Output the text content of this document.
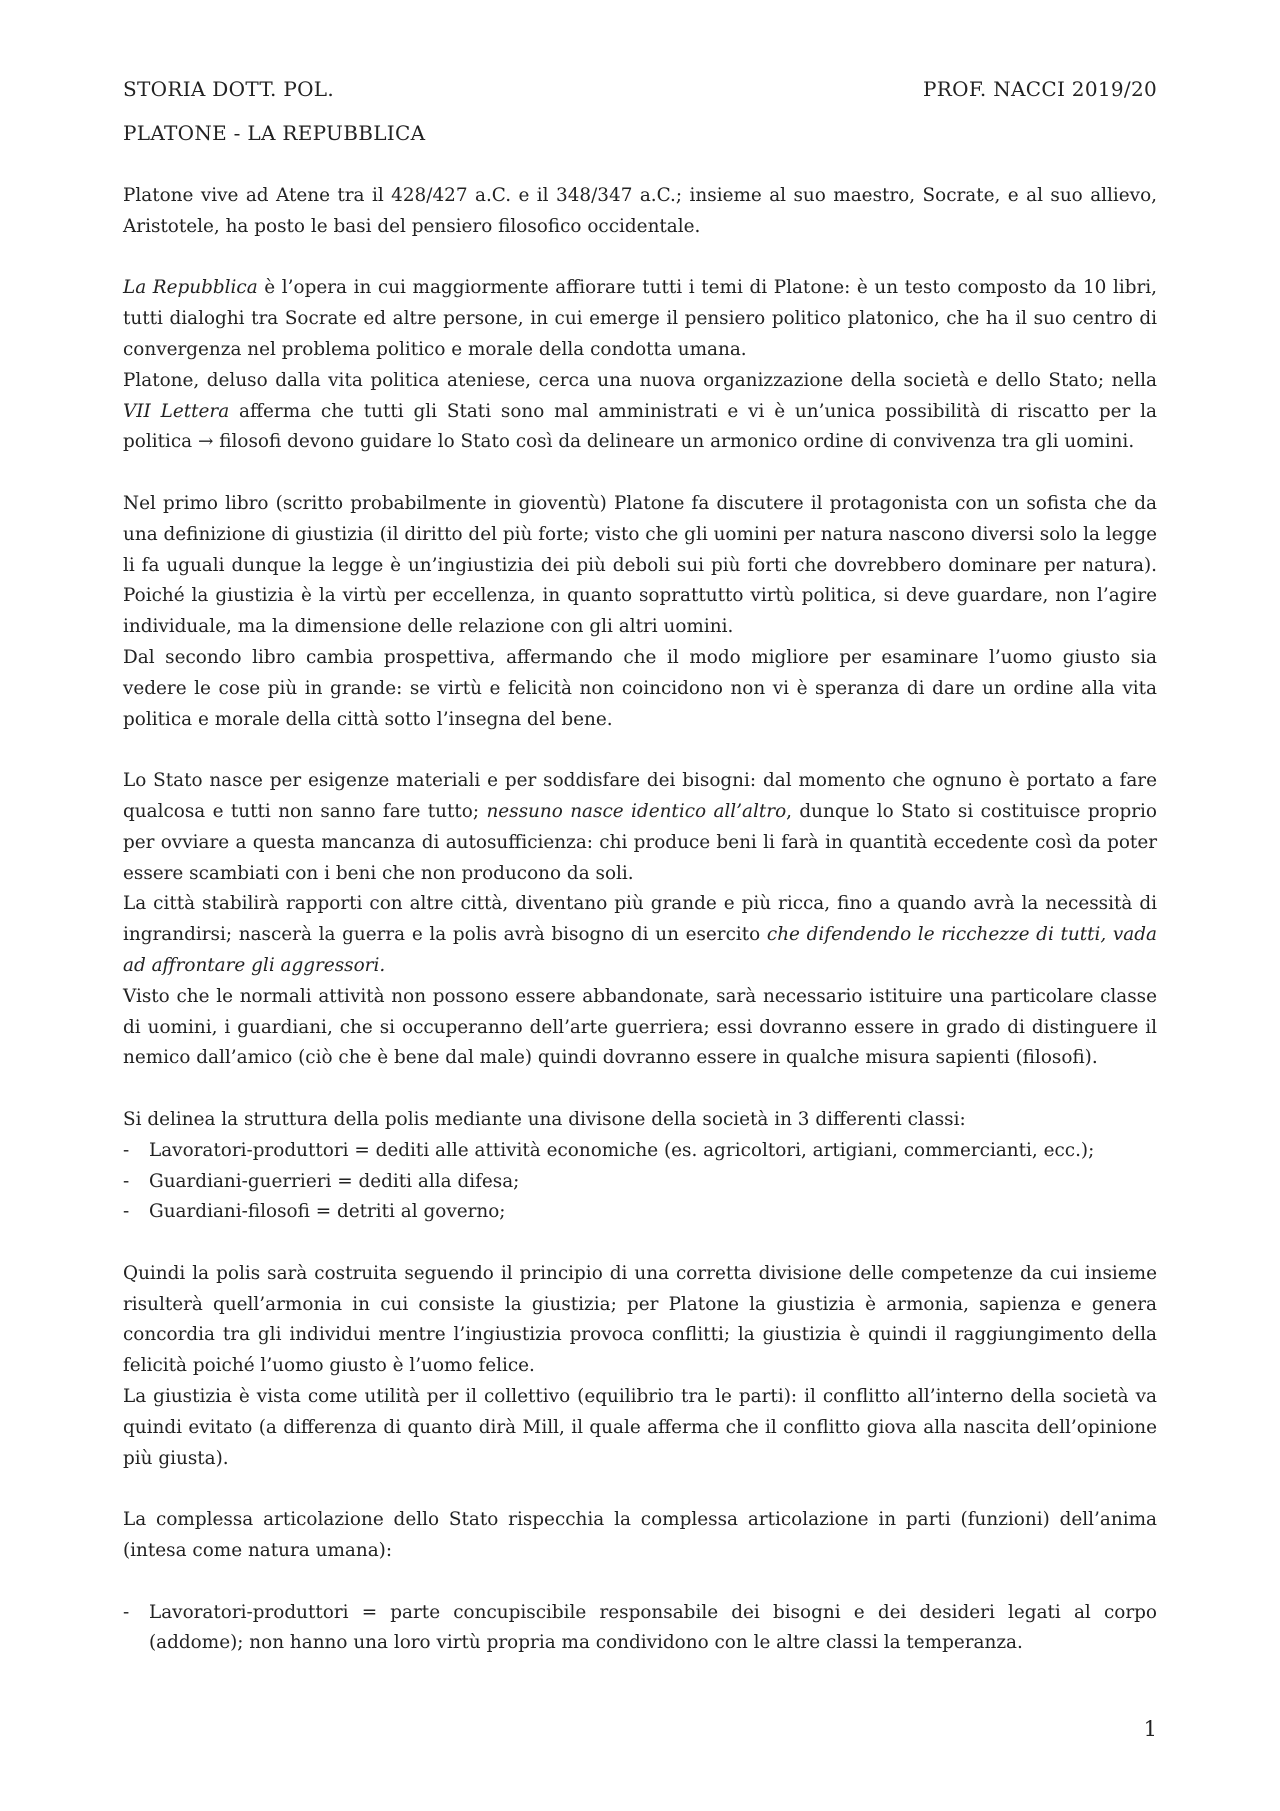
STORIA DOTT. POL.	PROF. NACCI 2019/20
PLATONE - LA REPUBBLICA

Platone vive ad Atene tra il 428/427 a.C. e il 348/347 a.C.; insieme al suo maestro, Socrate, e al suo allievo, Aristotele, ha posto le basi del pensiero filosofico occidentale.

La Repubblica è l’opera in cui maggiormente affiorare tutti i temi di Platone: è un testo composto da 10 libri, tutti dialoghi tra Socrate ed altre persone, in cui emerge il pensiero politico platonico, che ha il suo centro di convergenza nel problema politico e morale della condotta umana.

Platone, deluso dalla vita politica ateniese, cerca una nuova organizzazione della società e dello Stato; nella VII Lettera afferma che tutti gli Stati sono mal amministrati e vi è un’unica possibilità di riscatto per la politica → filosofi devono guidare lo Stato così da delineare un armonico ordine di convivenza tra gli uomini.

Nel primo libro (scritto probabilmente in gioventù) Platone fa discutere il protagonista con un sofista che da una definizione di giustizia (il diritto del più forte; visto che gli uomini per natura nascono diversi solo la legge li fa uguali dunque la legge è un’ingiustizia dei più deboli sui più forti che dovrebbero dominare per natura). Poiché la giustizia è la virtù per eccellenza, in quanto soprattutto virtù politica, si deve guardare, non l’agire individuale, ma la dimensione delle relazione con gli altri uomini.

Dal secondo libro cambia prospettiva, affermando che il modo migliore per esaminare l’uomo giusto sia vedere le cose più in grande: se virtù e felicità non coincidono non vi è speranza di dare un ordine alla vita politica e morale della città sotto l’insegna del bene.

Lo Stato nasce per esigenze materiali e per soddisfare dei bisogni: dal momento che ognuno è portato a fare qualcosa e tutti non sanno fare tutto; nessuno nasce identico all’altro, dunque lo Stato si costituisce proprio per ovviare a questa mancanza di autosufficienza: chi produce beni li farà in quantità eccedente così da poter essere scambiati con i beni che non producono da soli.

La città stabilirà rapporti con altre città, diventano più grande e più ricca, fino a quando avrà la necessità di ingrandirsi; nascerà la guerra e la polis avrà bisogno di un esercito che difendendo le ricchezze di tutti, vada ad affrontare gli aggressori.

Visto che le normali attività non possono essere abbandonate, sarà necessario istituire una particolare classe di uomini, i guardiani, che si occuperanno dell’arte guerriera; essi dovranno essere in grado di distinguere il nemico dall’amico (ciò che è bene dal male) quindi dovranno essere in qualche misura sapienti (filosofi).

Si delinea la struttura della polis mediante una divisone della società in 3 differenti classi:

- Lavoratori-produttori = dediti alle attività economiche (es. agricoltori, artigiani, commercianti, ecc.);
- Guardiani-guerrieri = dediti alla difesa;
- Guardiani-filosofi = detriti al governo;

Quindi la polis sarà costruita seguendo il principio di una corretta divisione delle competenze da cui insieme risulterà quell’armonia in cui consiste la giustizia; per Platone la giustizia è armonia, sapienza e genera concordia tra gli individui mentre l’ingiustizia provoca conflitti; la giustizia è quindi il raggiungimento della felicità poiché l’uomo giusto è l’uomo felice.

La giustizia è vista come utilità per il collettivo (equilibrio tra le parti): il conflitto all’interno della società va quindi evitato (a differenza di quanto dirà Mill, il quale afferma che il conflitto giova alla nascita dell’opinione più giusta).

La complessa articolazione dello Stato rispecchia la complessa articolazione in parti (funzioni) dell’anima (intesa come natura umana):

- Lavoratori-produttori = parte concupiscibile responsabile dei bisogni e dei desideri legati al corpo (addome); non hanno una loro virtù propria ma condividono con le altre classi la temperanza.
1
